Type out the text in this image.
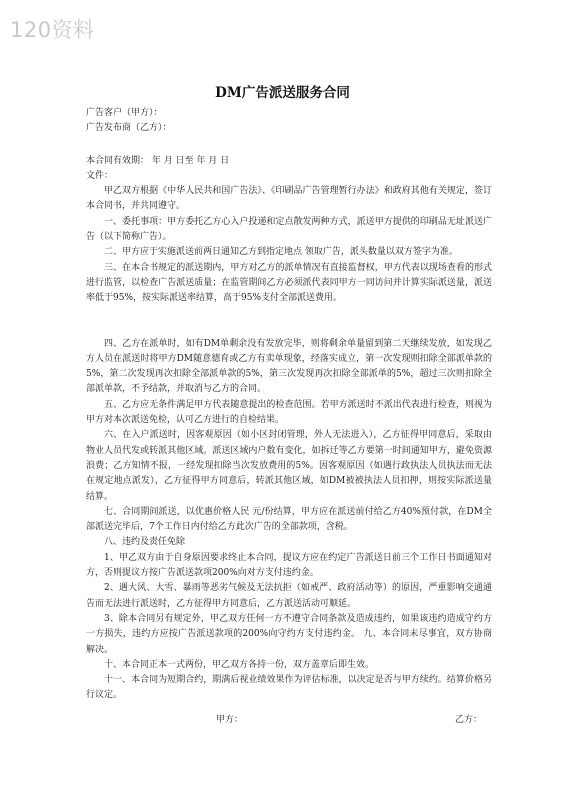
120资料
DM广告派送服务合同
广告客户（甲方）：
广告发布商（乙方）：
本合同有效期： 年 月 日至 年 月 日
文件：
甲乙双方根据《中华人民共和国广告法》、《印刷品广告管理暂行办法》和政府其他有关规定，签订本合同书，并共同遵守。
一、委托事项：甲方委托乙方心入户投递和定点散发两种方式，派送甲方提供的印刷品无址派送广告（以下简称广告）。
二、甲方应于实施派送前两日通知乙方到指定地点 领取广告，派头数量以双方签字为准。
三、在本合书规定的派送期内，甲方对乙方的派单情况有直接监督权，甲方代表以现场查看的形式进行监管，以检查广告派送质量；在监管期间乙方必须派代表同甲方一同访问并计算实际派送量，派送率低于95%，按实际派送率结算，高于95%支付全部派送费用。
四、乙方在派单时，如有DM单剩余没有发放完毕，则将剩余单量留到第二天继续发放，如发现乙方人员在派送时将甲方DM随意德育或乙方有卖单现象，经落实成立，第一次发现则扣除全部派单款的5%，第二次发现再次扣除全部派单款的5%，第三次发现再次扣除全部派单的5%，超过三次则扣除全部派单款，不予结款，并取消与乙方的合同。
五、乙方应无条件满足甲方代表随意提出的检查范围。若甲方派送时不派出代表进行检查，则视为甲方对本次派送免检，认可乙方进行的自检结果。
六、在入户派送时，因客观原因（如小区封闭管理，外人无法进入），乙方征得甲同意后，采取由物业人员代发或转派其他区域。派送区域内户数有变化，如拆迁等乙方要第一时间通知甲方，避免资源浪费；乙方知情不报，一经发现扣除当次发放费用的5%。因客观原因（如遇行政执法人员执法而无法在规定地点派发），乙方征得甲方同意后，转派其他区域，如DM被被执法人员扣押，则按实际派送量结算。
七、合同期间派送，以优惠价格人民 元/份结算，甲方应在派送前付给乙方40%预付款，在DM全部派送完毕后，7个工作日内付给乙方此次广告的全部款项，含税。
八、违约及责任免除
1、甲乙双方由于自身原因要求终止本合同，提议方应在约定广告派送日前三个工作日书面通知对方，否则提议方按广告派送款项200%向对方支付违约金。
2、遇大风、大雪、暴雨等恶劣气候及无法抗拒（如戒严、政府活动等）的原因，严重影响交通通告而无法进行派送时，乙方征得甲方同意后，乙方派送活动可顺延。
3、除本合同另有规定外，甲乙双方任何一方不遵守合同条款及造成违约，如果该违约造成守约方一方损失，违约方应按广告派送款项的200%向守约方支付违约金。 九、本合同未尽事宜，双方协商解决。
十、本合同正本一式两份，甲乙双方各持一份，双方盖章后即生效。
十一、本合同为短期合约，期满后视业绩效果作为评估标准，以决定是否与甲方续约。结算价格另行议定。
甲方：	乙方：
